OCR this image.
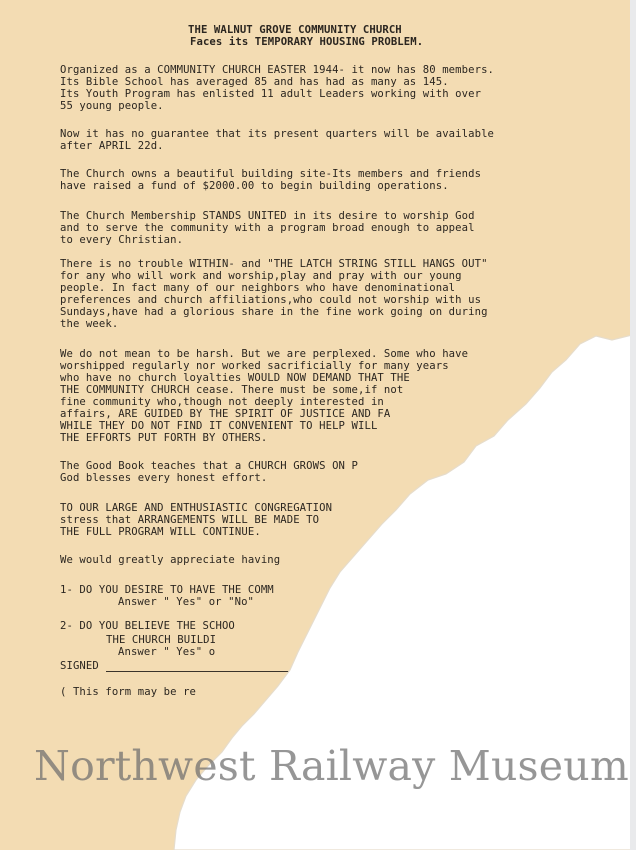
THE WALNUT GROVE COMMUNITY CHURCH
Faces its TEMPORARY HOUSING PROBLEM.
Organized as a COMMUNITY CHURCH EASTER 1944- it now has 80 members.
Its Bible School has averaged 85 and has had as many as 145.
Its Youth Program has enlisted 11 adult Leaders working with over
55 young people.
Now it has no guarantee that its present quarters will be available
after APRIL 22d.
The Church owns a beautiful building site-Its members and friends
have raised a fund of $2000.00 to begin building operations.
The Church Membership STANDS UNITED in its desire to worship God
and to serve the community with a program broad enough to appeal
to every Christian.
There is no trouble WITHIN- and "THE LATCH STRING STILL HANGS OUT"
for any who will work and worship,play and pray with our young
people. In fact many of our neighbors who have denominational
preferences and church affiliations,who could not worship with us
Sundays,have had a glorious share in the fine work going on during
the week.
We do not mean to be harsh. But we are perplexed. Some who have
worshipped regularly nor worked sacrificially for many years
who have no church loyalties WOULD NOW DEMAND THAT THE
THE COMMUNITY CHURCH cease. There must be some,if not
fine community who,though not deeply interested in
affairs, ARE GUIDED BY THE SPIRIT OF JUSTICE AND FA
WHILE THEY DO NOT FIND IT CONVENIENT TO HELP WILL
THE EFFORTS PUT FORTH BY OTHERS.
The Good Book teaches that a CHURCH GROWS ON P
God blesses every honest effort.
TO OUR LARGE AND ENTHUSIASTIC CONGREGATION
stress that ARRANGEMENTS WILL BE MADE TO
THE FULL PROGRAM WILL CONTINUE.
We would greatly appreciate having
1- DO YOU DESIRE TO HAVE THE COMM
Answer " Yes" or "No"
2- DO YOU BELIEVE THE SCHOO
THE CHURCH BUILDI
Answer " Yes" o
SIGNED
( This form may be re
Northwest Railway Museum
